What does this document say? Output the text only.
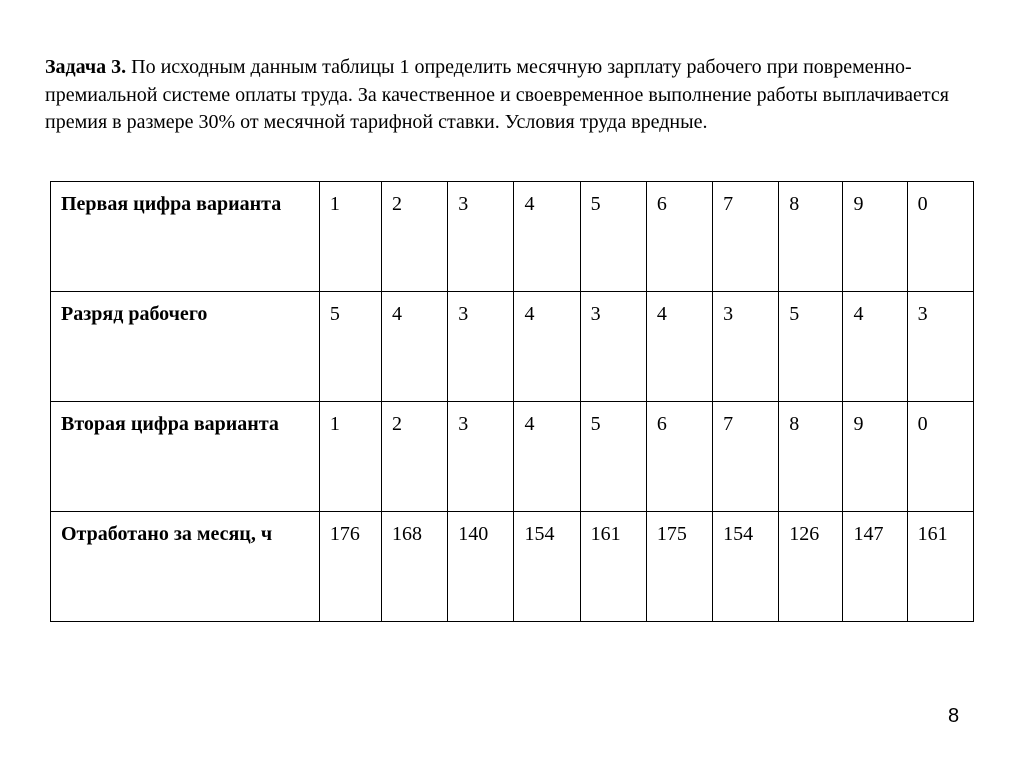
Задача 3. По исходным данным таблицы 1 определить месячную зарплату рабочего при повременно-премиальной системе оплаты труда. За качественное и своевременное выполнение работы выплачивается премия в размере 30% от месячной тарифной ставки. Условия труда вредные.

Первая цифра варианта	1	2	3	4	5	6	7	8	9	0
Разряд рабочего	5	4	3	4	3	4	3	5	4	3
Вторая цифра варианта	1	2	3	4	5	6	7	8	9	0
Отработано за месяц, ч	176	168	140	154	161	175	154	126	147	161
8
